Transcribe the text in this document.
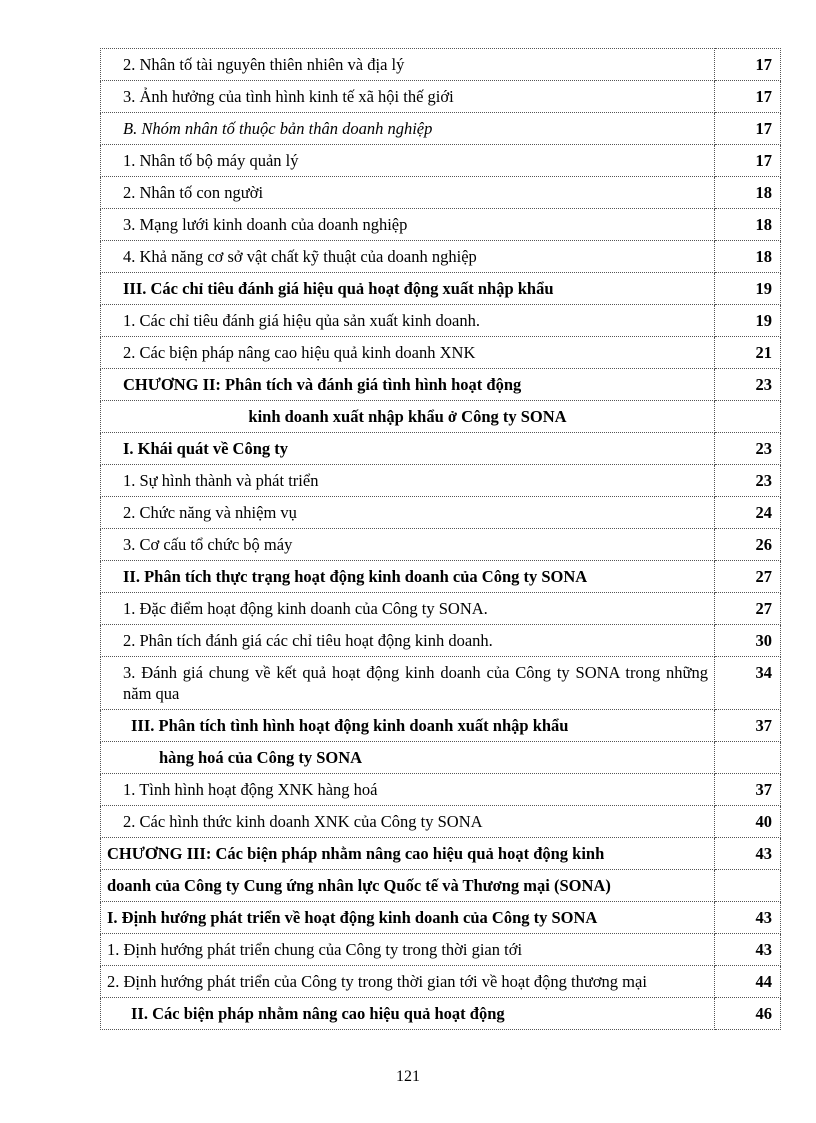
2. Nhân tố tài nguyên thiên nhiên và địa lý	17
3. Ảnh hưởng của tình hình kinh tế xã hội thế giới	17
B. Nhóm nhân tố thuộc bản thân doanh nghiệp	17
1. Nhân tố bộ máy quản lý	17
2. Nhân tố con người	18
3. Mạng lưới kinh doanh của doanh nghiệp	18
4. Khả năng cơ sở vật chất kỹ thuật của doanh nghiệp	18
III. Các chỉ tiêu đánh giá hiệu quả hoạt động xuất nhập khẩu	19
1. Các chỉ tiêu đánh giá hiệu qủa sản xuất kinh doanh.	19
2. Các biện pháp nâng cao hiệu quả kinh doanh XNK	21
CHƯƠNG II: Phân tích và đánh giá tình hình hoạt động	23
kinh doanh xuất nhập khẩu ở Công ty SONA	
I. Khái quát về Công ty	23
1. Sự hình thành và phát triển	23
2. Chức năng và nhiệm vụ	24
3. Cơ cấu tổ chức bộ máy	26
II. Phân tích thực trạng hoạt động kinh doanh của Công ty SONA	27
1. Đặc điểm hoạt động kinh doanh của Công ty SONA.	27
2. Phân tích đánh giá các chỉ tiêu hoạt động kinh doanh.	30
3. Đánh giá chung về kết quả hoạt động kinh doanh của Công ty SONA trong những năm qua	34
III. Phân tích tình hình hoạt động kinh doanh xuất nhập khẩu	37
hàng hoá của Công ty SONA	
1. Tình hình hoạt động XNK hàng hoá	37
2. Các hình thức kinh doanh XNK của Công ty SONA	40
CHƯƠNG III: Các biện pháp nhằm nâng cao hiệu quả hoạt động kinh	43
doanh của Công ty Cung ứng nhân lực Quốc tế và Thương mại (SONA)	
I. Định hướng phát triển về hoạt động kinh doanh của Công ty SONA	43
1. Định hướng phát triển chung của Công ty trong thời gian tới	43
2. Định hướng phát triển của Công ty trong thời gian tới về hoạt động thương mại	44
II. Các biện pháp nhằm nâng cao hiệu quả hoạt động	46
121
